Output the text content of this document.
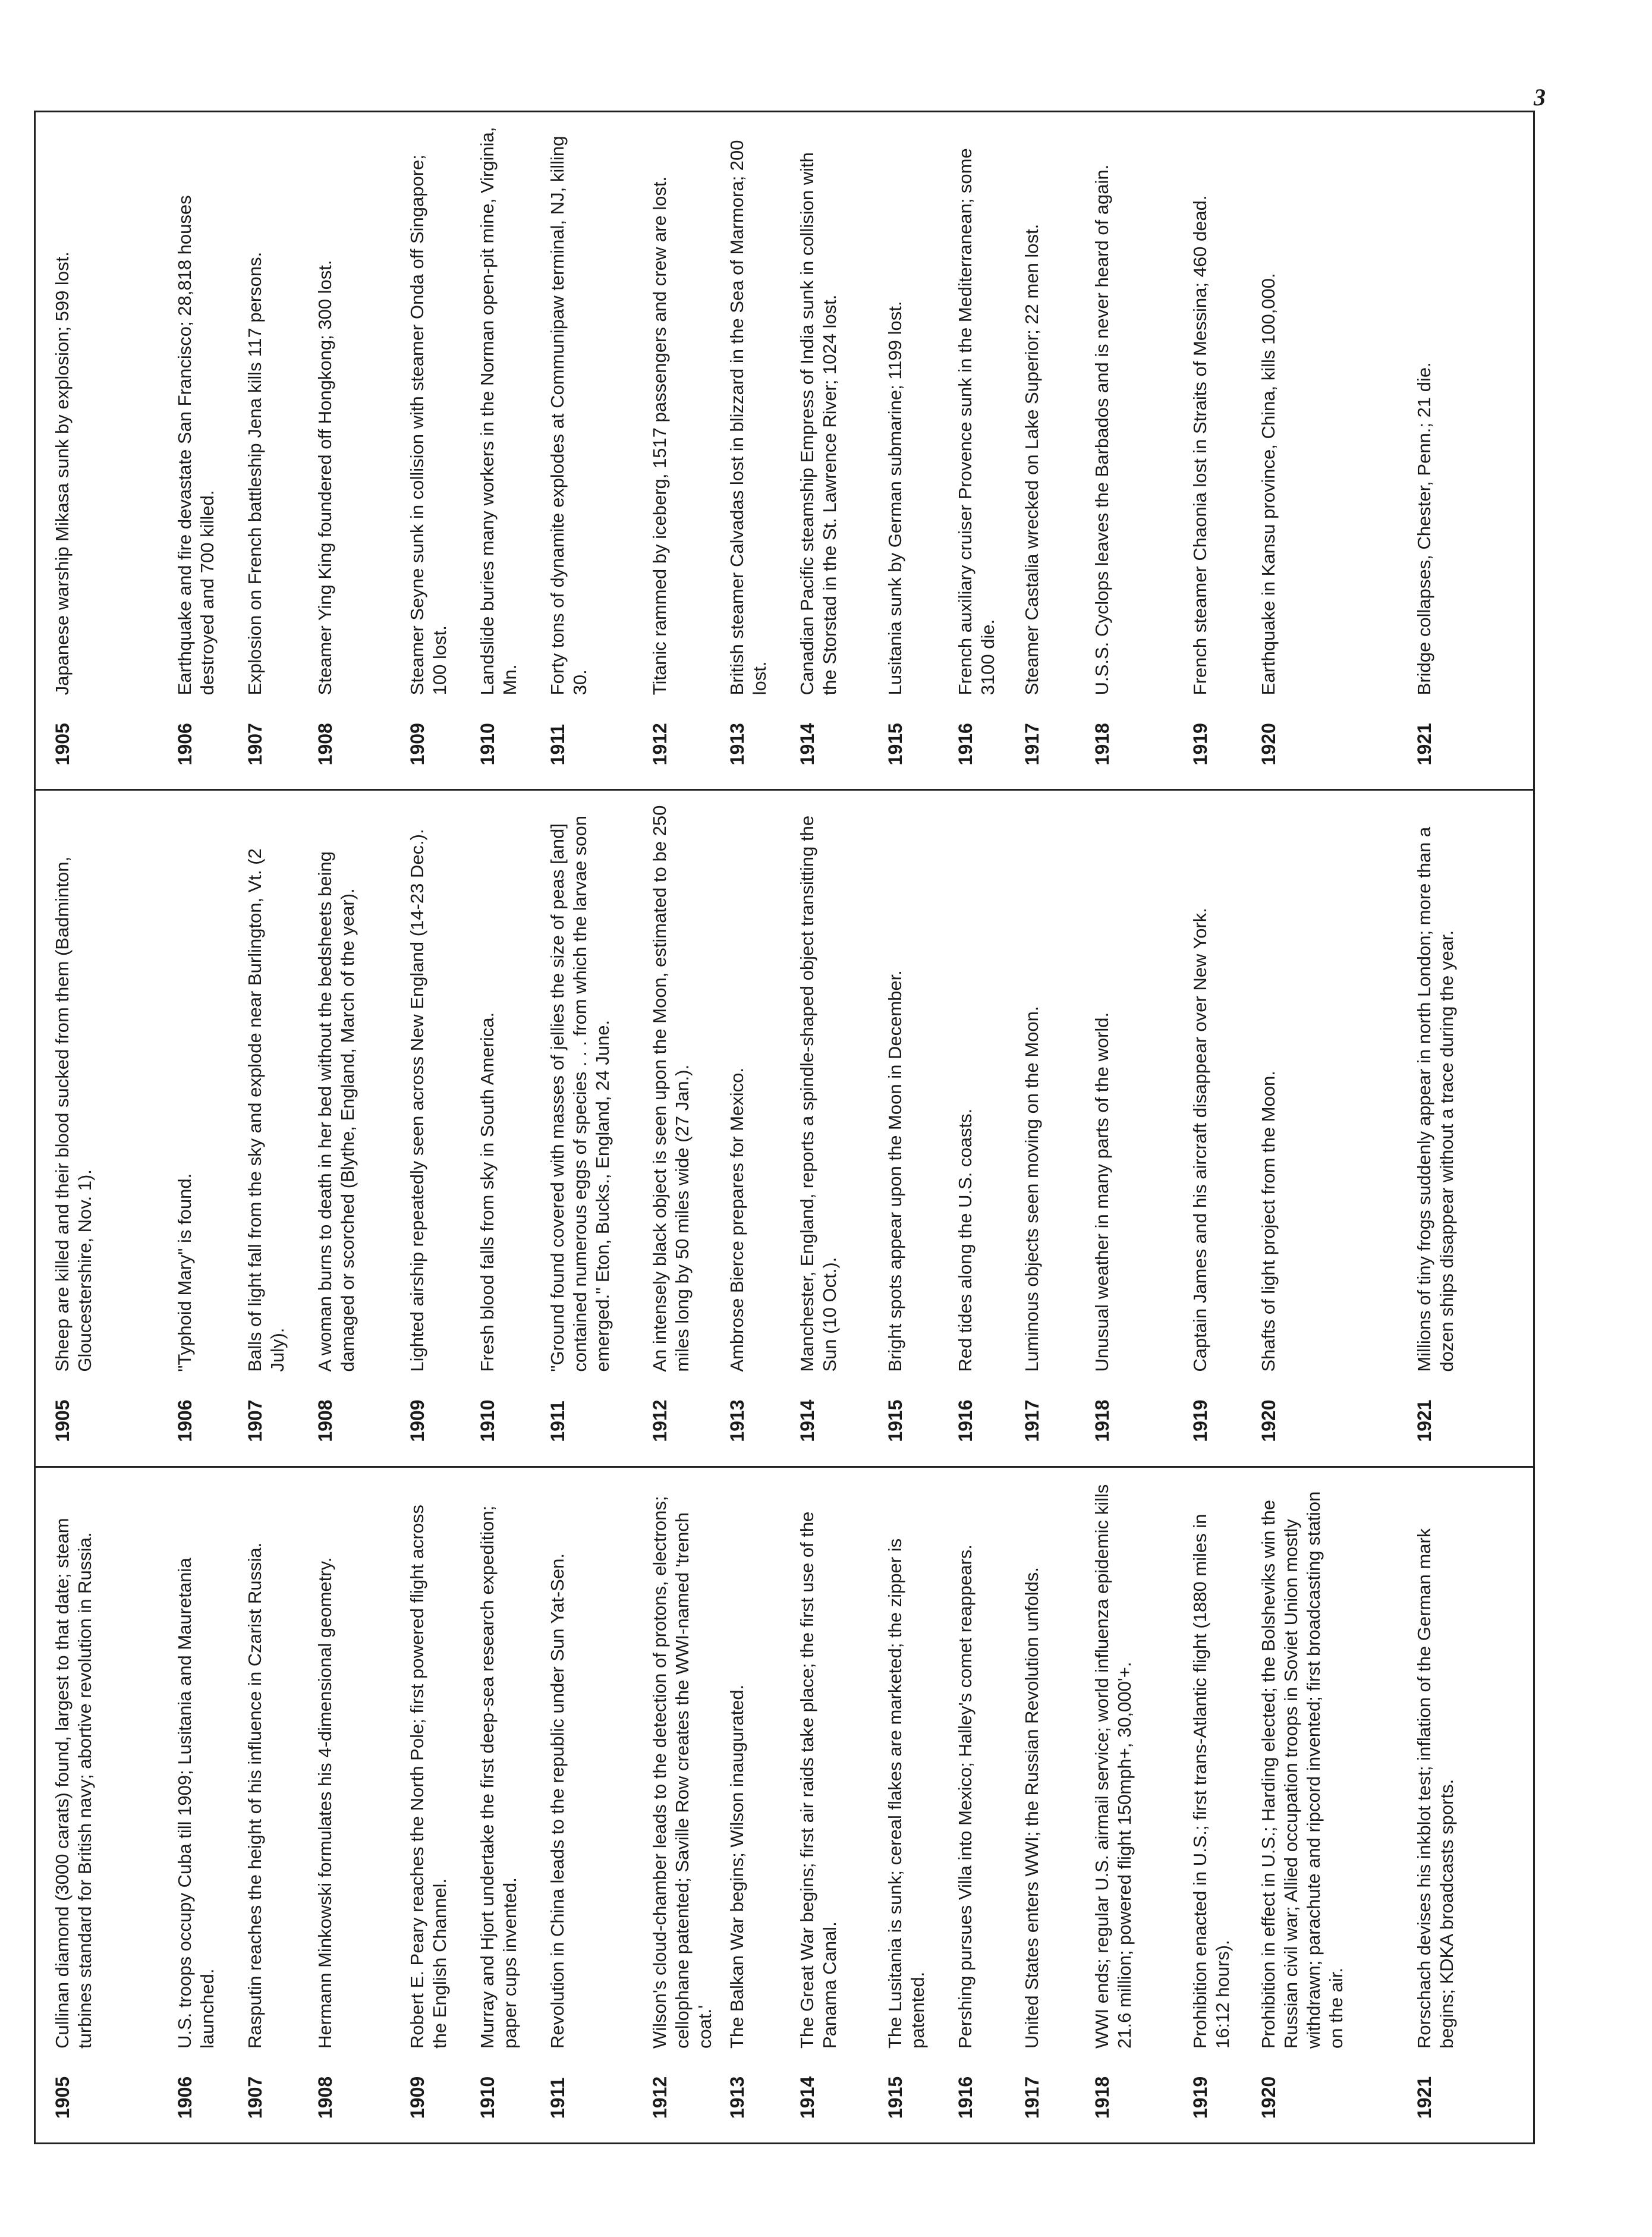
3
1905
Cullinan diamond (3000 carats) found, largest to that date; steam turbines standard for British navy; abortive revolution in Russia.
1906
U.S. troops occupy Cuba till 1909; Lusitania and Mauretania launched.
1907
Rasputin reaches the height of his influence in Czarist Russia.
1908
Hermann Minkowski formulates his 4-dimensional geometry.
1909
Robert E. Peary reaches the North Pole; first powered flight across the English Channel.
1910
Murray and Hjort undertake the first deep-sea research expedition; paper cups invented.
1911
Revolution in China leads to the republic under Sun Yat-Sen.
1912
Wilson's cloud-chamber leads to the detection of protons, electrons; cellophane patented; Saville Row creates the WWI-named 'trench coat.'
1913
The Balkan War begins; Wilson inaugurated.
1914
The Great War begins; first air raids take place; the first use of the Panama Canal.
1915
The Lusitania is sunk; cereal flakes are marketed; the zipper is patented.
1916
Pershing pursues Villa into Mexico; Halley's comet reappears.
1917
United States enters WWI; the Russian Revolution unfolds.
1918
WWI ends; regular U.S. airmail service; world influenza epidemic kills 21.6 million; powered flight 150mph+, 30,000'+.
1919
Prohibition enacted in U.S.; first trans-Atlantic flight (1880 miles in 16:12 hours).
1920
Prohibition in effect in U.S.; Harding elected; the Bolsheviks win the Russian civil war; Allied occupation troops in Soviet Union mostly withdrawn; parachute and ripcord invented; first broadcasting station on the air.
1921
Rorschach devises his inkblot test; inflation of the German mark begins; KDKA broadcasts sports.
1905
Sheep are killed and their blood sucked from them (Badminton, Gloucestershire, Nov. 1).
1906
"Typhoid Mary" is found.
1907
Balls of light fall from the sky and explode near Burlington, Vt. (2 July).
1908
A woman burns to death in her bed without the bedsheets being damaged or scorched (Blythe, England, March of the year).
1909
Lighted airship repeatedly seen across New England (14-23 Dec.).
1910
Fresh blood falls from sky in South America.
1911
"Ground found covered with masses of jellies the size of peas [and] contained numerous eggs of species . . . from which the larvae soon emerged." Eton, Bucks., England, 24 June.
1912
An intensely black object is seen upon the Moon, estimated to be 250 miles long by 50 miles wide (27 Jan.).
1913
Ambrose Bierce prepares for Mexico.
1914
Manchester, England, reports a spindle-shaped object transitting the Sun (10 Oct.).
1915
Bright spots appear upon the Moon in December.
1916
Red tides along the U.S. coasts.
1917
Luminous objects seen moving on the Moon.
1918
Unusual weather in many parts of the world.
1919
Captain James and his aircraft disappear over New York.
1920
Shafts of light project from the Moon.
1921
Millions of tiny frogs suddenly appear in north London; more than a dozen ships disappear without a trace during the year.
1905
Japanese warship Mikasa sunk by explosion; 599 lost.
1906
Earthquake and fire devastate San Francisco; 28,818 houses destroyed and 700 killed.
1907
Explosion on French battleship Jena kills 117 persons.
1908
Steamer Ying King foundered off Hongkong; 300 lost.
1909
Steamer Seyne sunk in collision with steamer Onda off Singapore; 100 lost.
1910
Landslide buries many workers in the Norman open-pit mine, Virginia, Mn.
1911
Forty tons of dynamite explodes at Communipaw terminal, NJ, killing 30.
1912
Titanic rammed by iceberg, 1517 passengers and crew are lost.
1913
British steamer Calvadas lost in blizzard in the Sea of Marmora; 200 lost.
1914
Canadian Pacific steamship Empress of India sunk in collision with the Storstad in the St. Lawrence River; 1024 lost.
1915
Lusitania sunk by German submarine; 1199 lost.
1916
French auxiliary cruiser Provence sunk in the Mediterranean; some 3100 die.
1917
Steamer Castalia wrecked on Lake Superior; 22 men lost.
1918
U.S.S. Cyclops leaves the Barbados and is never heard of again.
1919
French steamer Chaonia lost in Straits of Messina; 460 dead.
1920
Earthquake in Kansu province, China, kills 100,000.
1921
Bridge collapses, Chester, Penn.; 21 die.
